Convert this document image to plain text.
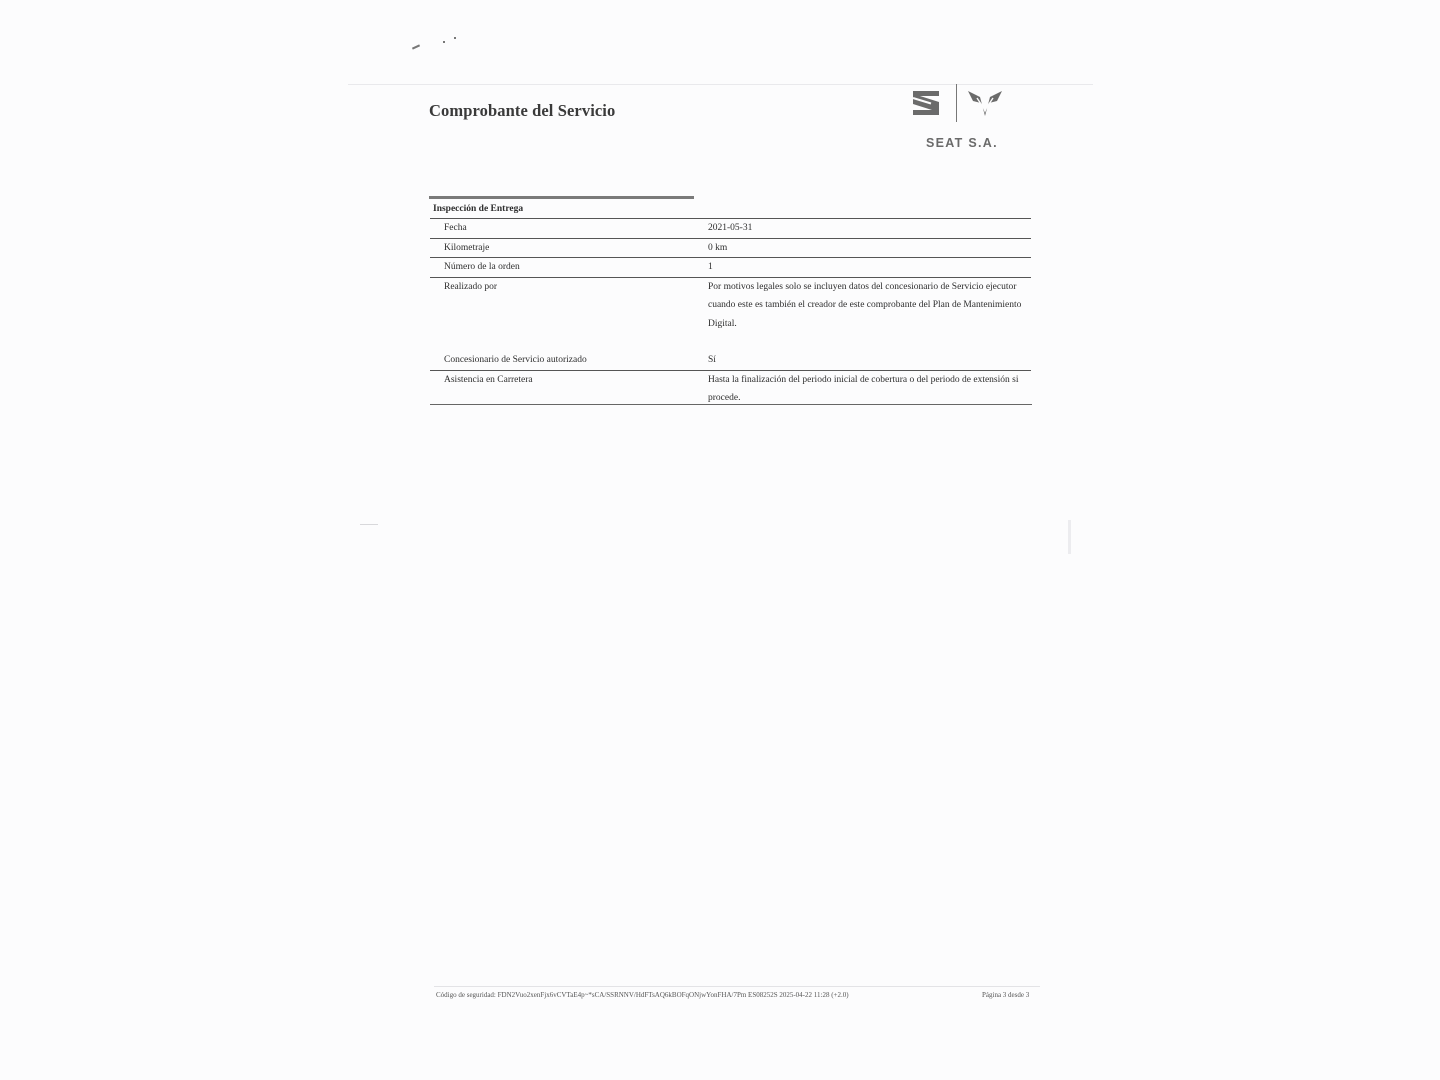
Comprobante del Servicio
SEAT S.A.
Inspección de Entrega
Fecha	2021-05-31
Kilometraje	0 km
Número de la orden	1
Realizado por	Por motivos legales solo se incluyen datos del concesionario de Servicio ejecutor cuando este es también el creador de este comprobante del Plan de Mantenimiento Digital.
Concesionario de Servicio autorizado	Sí
Asistencia en Carretera	Hasta la finalización del periodo inicial de cobertura o del periodo de extensión si procede.
Código de seguridad: FDN2Vuo2xenFjx6vCVTaE4p~*sCA/SSRNNV/HdFTsAQ6kBOFqONjwYonFHA/7Pm ES08252S 2025-04-22 11:28 (+2.0)	Página 3 desde 3
